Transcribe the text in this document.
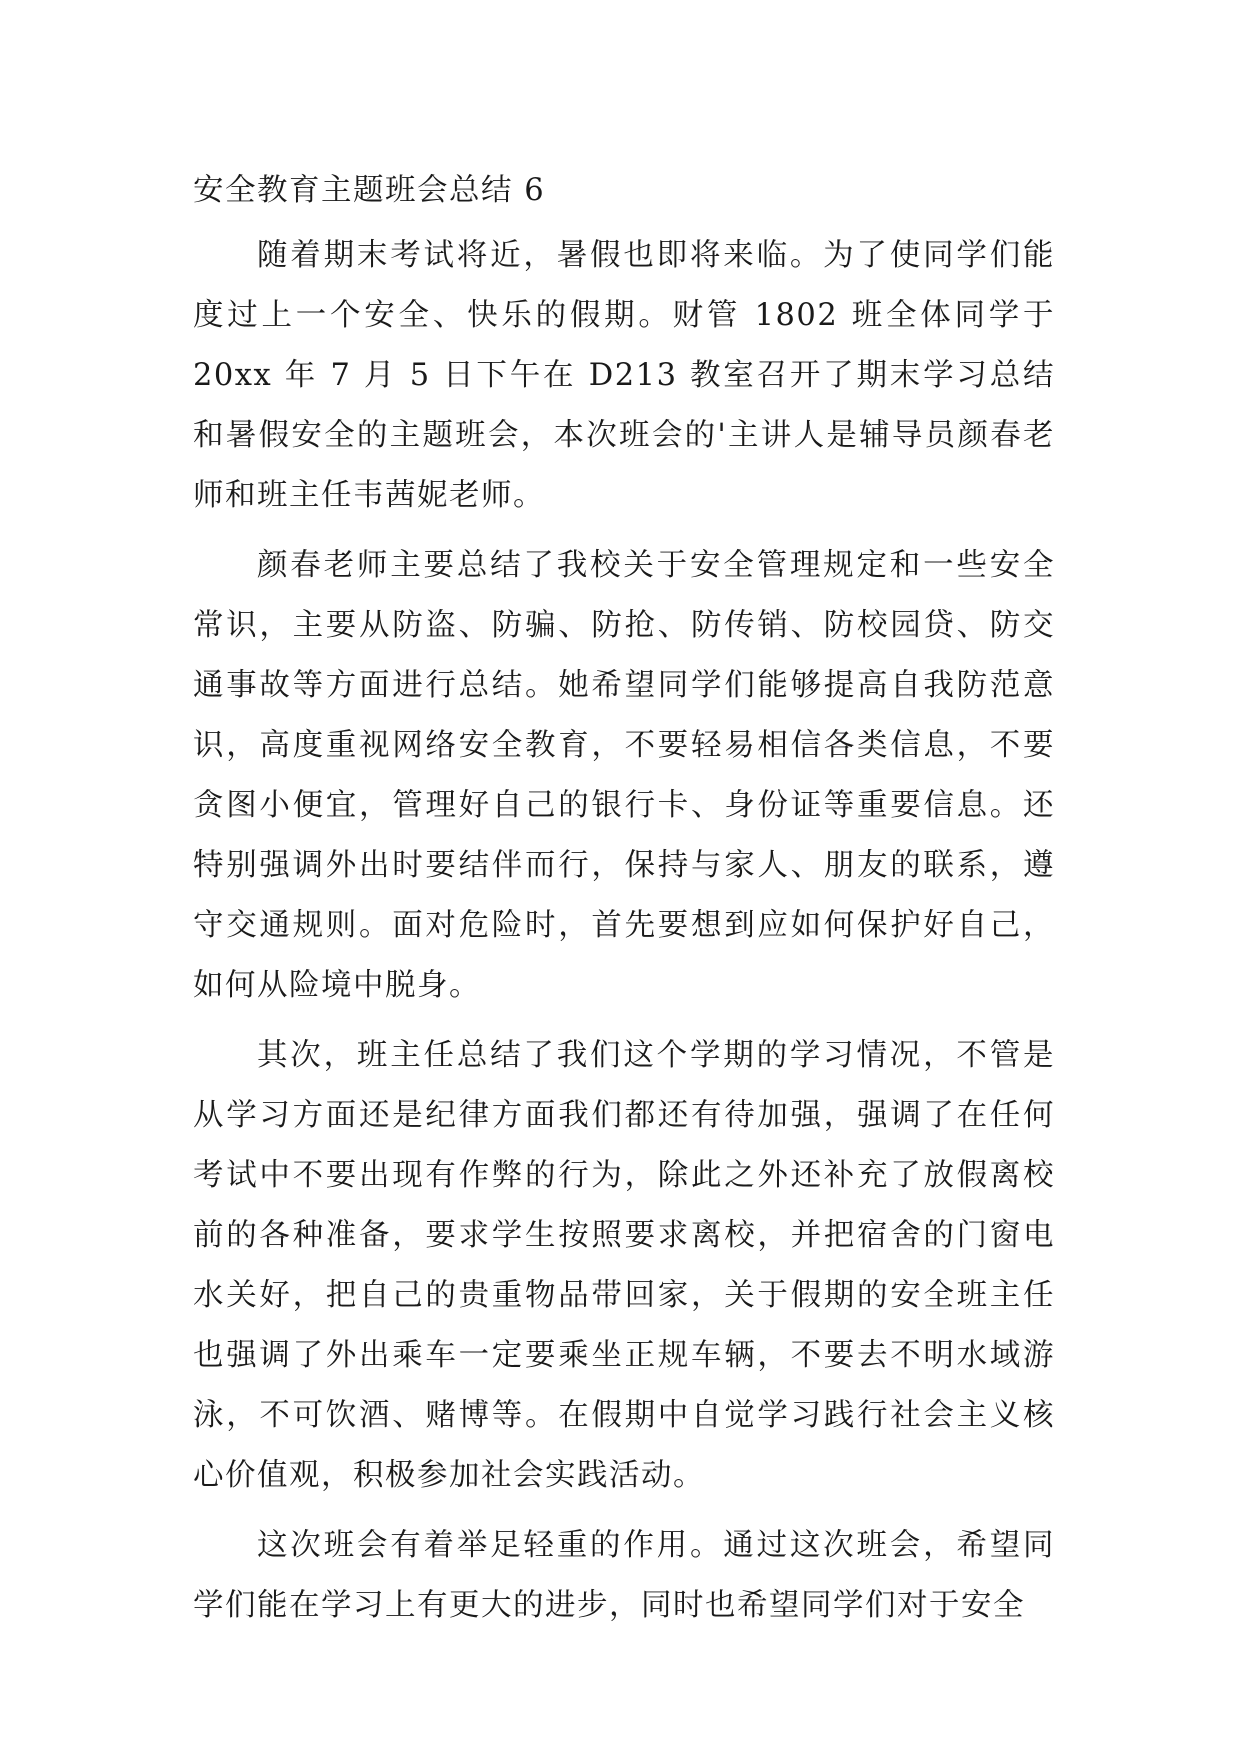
安全教育主题班会总结 6

随着期末考试将近，暑假也即将来临。为了使同学们能度过上一个安全、快乐的假期。财管 1802 班全体同学于 20xx 年 7 月 5 日下午在 D213 教室召开了期末学习总结和暑假安全的主题班会，本次班会的'主讲人是辅导员颜春老师和班主任韦茜妮老师。

颜春老师主要总结了我校关于安全管理规定和一些安全常识，主要从防盗、防骗、防抢、防传销、防校园贷、防交通事故等方面进行总结。她希望同学们能够提高自我防范意识，高度重视网络安全教育，不要轻易相信各类信息，不要贪图小便宜，管理好自己的银行卡、身份证等重要信息。还特别强调外出时要结伴而行，保持与家人、朋友的联系，遵守交通规则。面对危险时，首先要想到应如何保护好自己，如何从险境中脱身。

其次，班主任总结了我们这个学期的学习情况，不管是从学习方面还是纪律方面我们都还有待加强，强调了在任何考试中不要出现有作弊的行为，除此之外还补充了放假离校前的各种准备，要求学生按照要求离校，并把宿舍的门窗电水关好，把自己的贵重物品带回家，关于假期的安全班主任也强调了外出乘车一定要乘坐正规车辆，不要去不明水域游泳，不可饮酒、赌博等。在假期中自觉学习践行社会主义核心价值观，积极参加社会实践活动。

这次班会有着举足轻重的作用。通过这次班会，希望同学们能在学习上有更大的进步，同时也希望同学们对于安全
